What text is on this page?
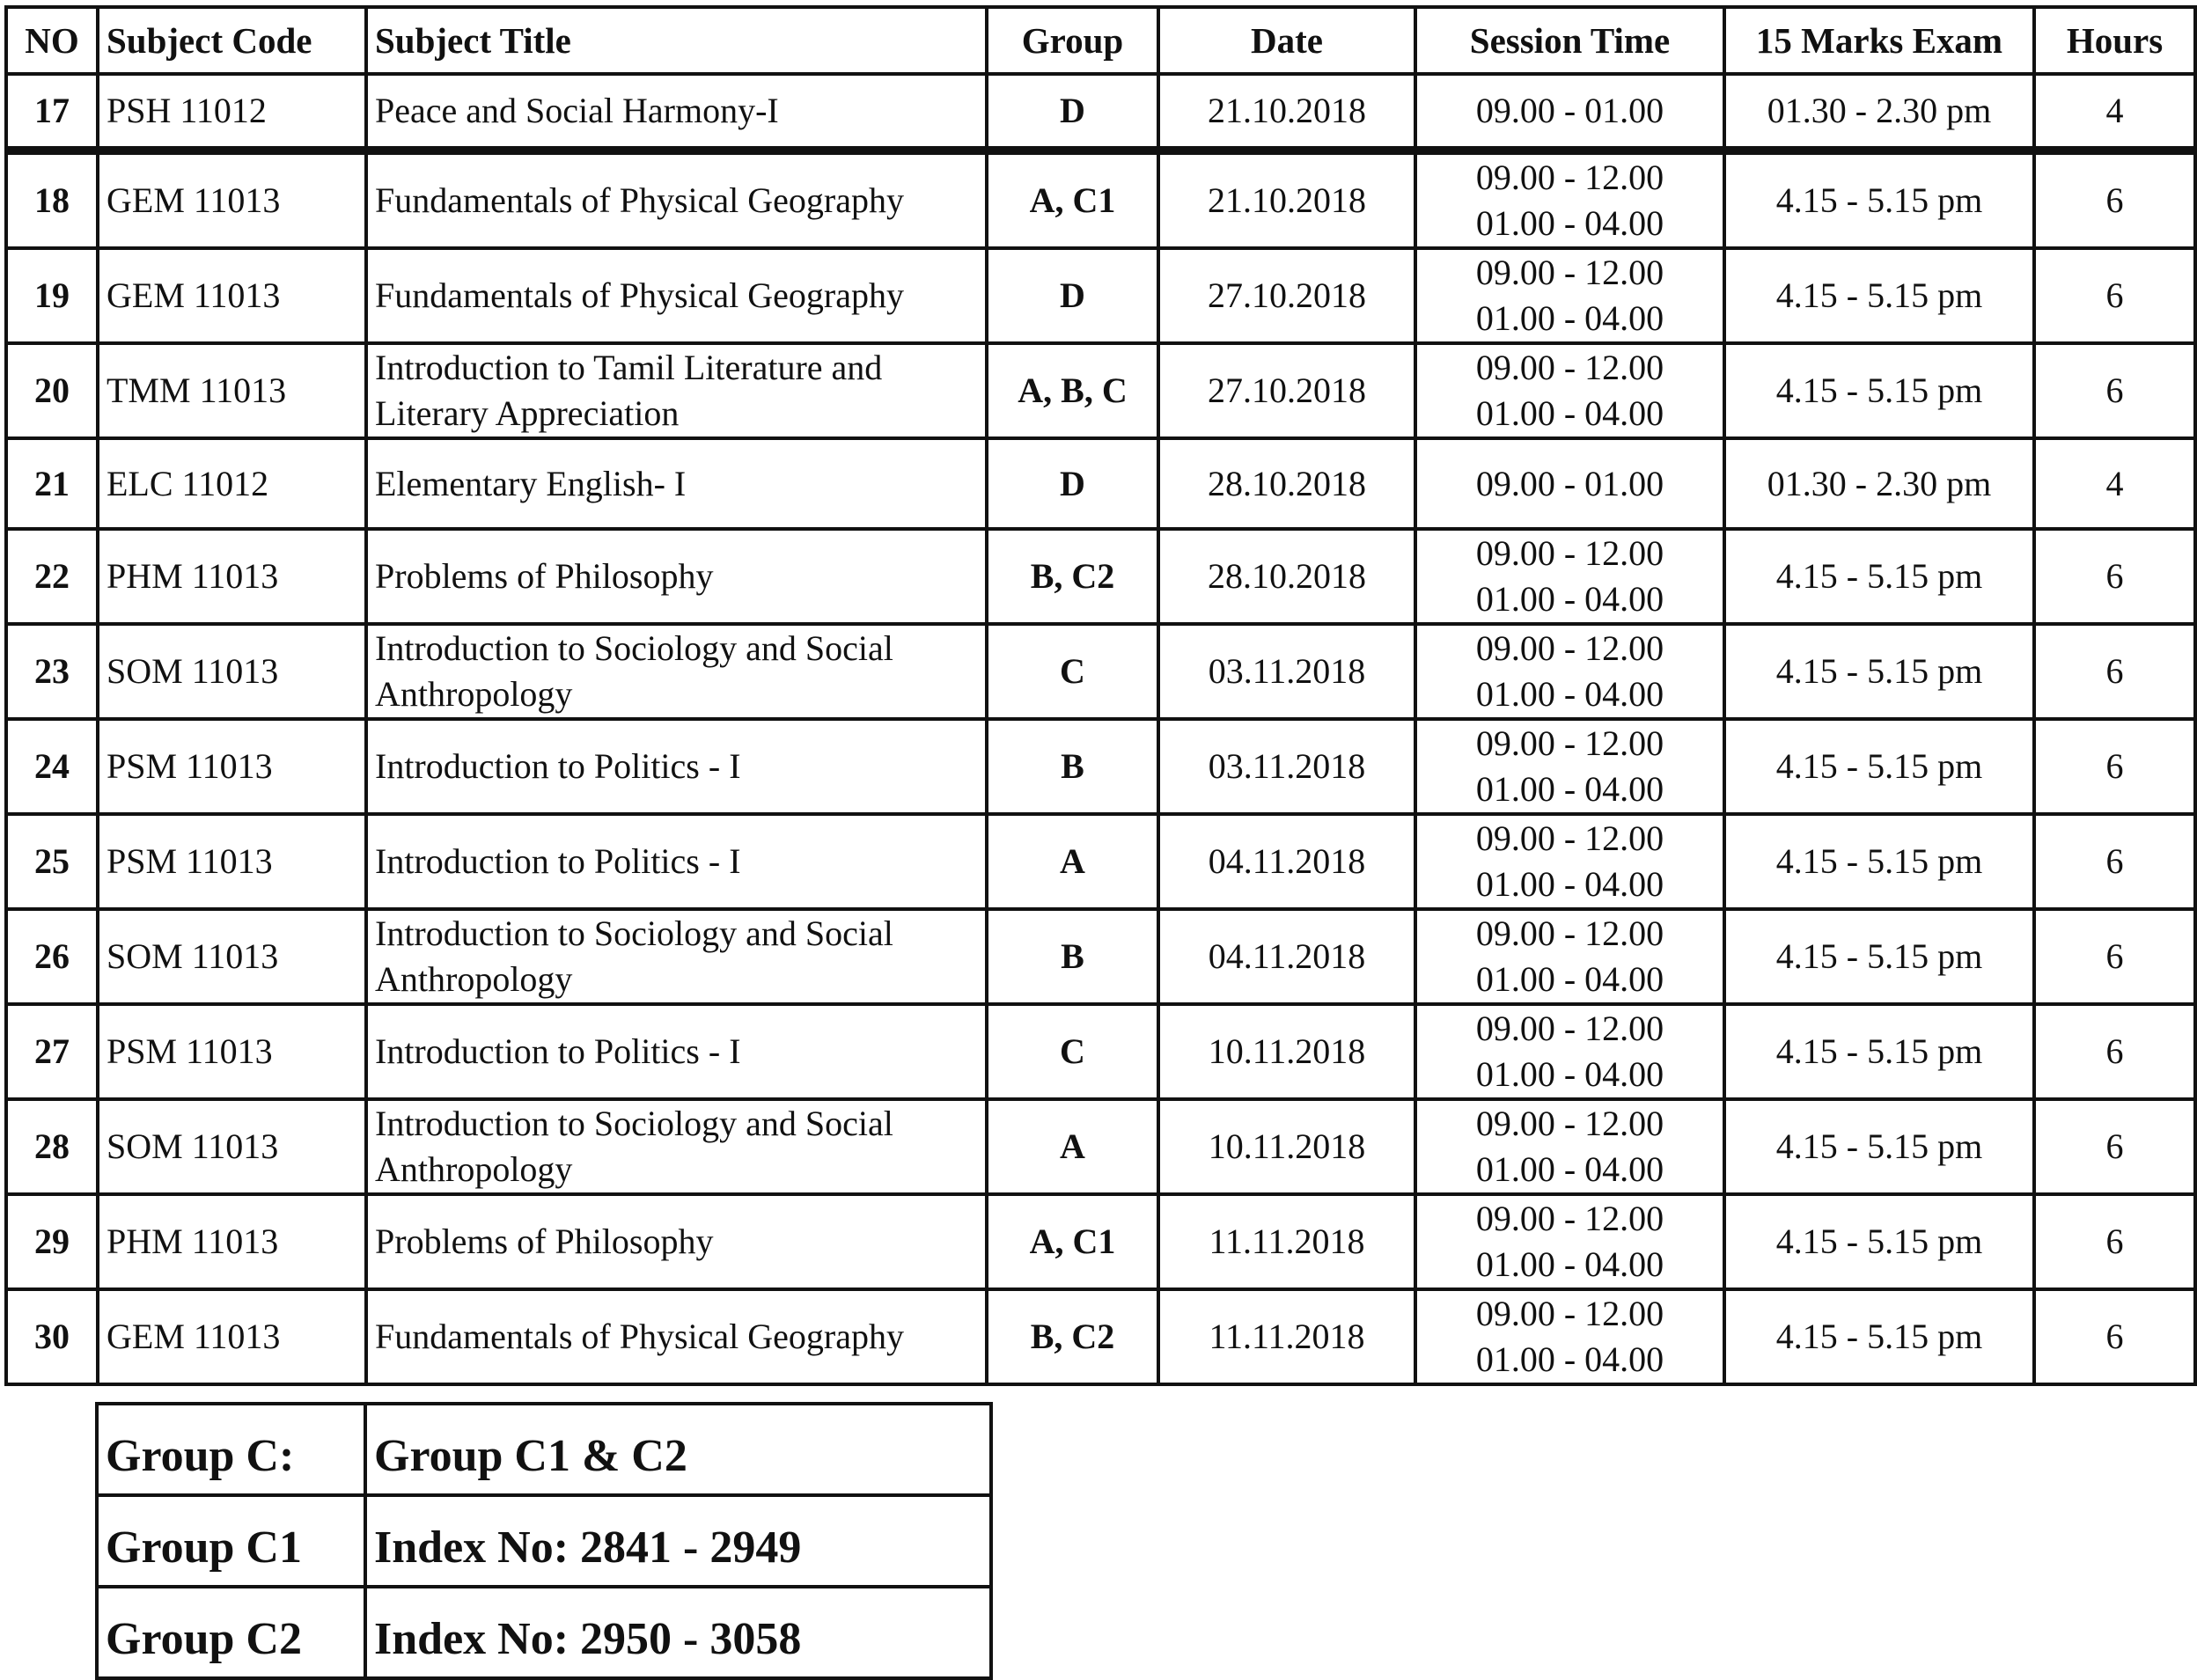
NO	Subject Code	Subject Title	Group	Date	Session Time	15 Marks Exam	Hours
17	PSH 11012	Peace and Social Harmony-I	D	21.10.2018	09.00 - 01.00	01.30 - 2.30 pm	4
18	GEM 11013	Fundamentals of Physical Geography	A, C1	21.10.2018	09.00 - 12.00
01.00 - 04.00	4.15 - 5.15 pm	6
19	GEM 11013	Fundamentals of Physical Geography	D	27.10.2018	09.00 - 12.00
01.00 - 04.00	4.15 - 5.15 pm	6
20	TMM 11013	Introduction to Tamil Literature and Literary Appreciation	A, B, C	27.10.2018	09.00 - 12.00
01.00 - 04.00	4.15 - 5.15 pm	6
21	ELC 11012	Elementary English- I	D	28.10.2018	09.00 - 01.00	01.30 - 2.30 pm	4
22	PHM 11013	Problems of Philosophy	B, C2	28.10.2018	09.00 - 12.00
01.00 - 04.00	4.15 - 5.15 pm	6
23	SOM 11013	Introduction to Sociology and Social Anthropology	C	03.11.2018	09.00 - 12.00
01.00 - 04.00	4.15 - 5.15 pm	6
24	PSM 11013	Introduction to Politics - I	B	03.11.2018	09.00 - 12.00
01.00 - 04.00	4.15 - 5.15 pm	6
25	PSM 11013	Introduction to Politics - I	A	04.11.2018	09.00 - 12.00
01.00 - 04.00	4.15 - 5.15 pm	6
26	SOM 11013	Introduction to Sociology and Social Anthropology	B	04.11.2018	09.00 - 12.00
01.00 - 04.00	4.15 - 5.15 pm	6
27	PSM 11013	Introduction to Politics - I	C	10.11.2018	09.00 - 12.00
01.00 - 04.00	4.15 - 5.15 pm	6
28	SOM 11013	Introduction to Sociology and Social Anthropology	A	10.11.2018	09.00 - 12.00
01.00 - 04.00	4.15 - 5.15 pm	6
29	PHM 11013	Problems of Philosophy	A, C1	11.11.2018	09.00 - 12.00
01.00 - 04.00	4.15 - 5.15 pm	6
30	GEM 11013	Fundamentals of Physical Geography	B, C2	11.11.2018	09.00 - 12.00
01.00 - 04.00	4.15 - 5.15 pm	6
Group C:	Group C1 & C2
Group C1	Index No: 2841 - 2949
Group C2	Index No: 2950 - 3058
